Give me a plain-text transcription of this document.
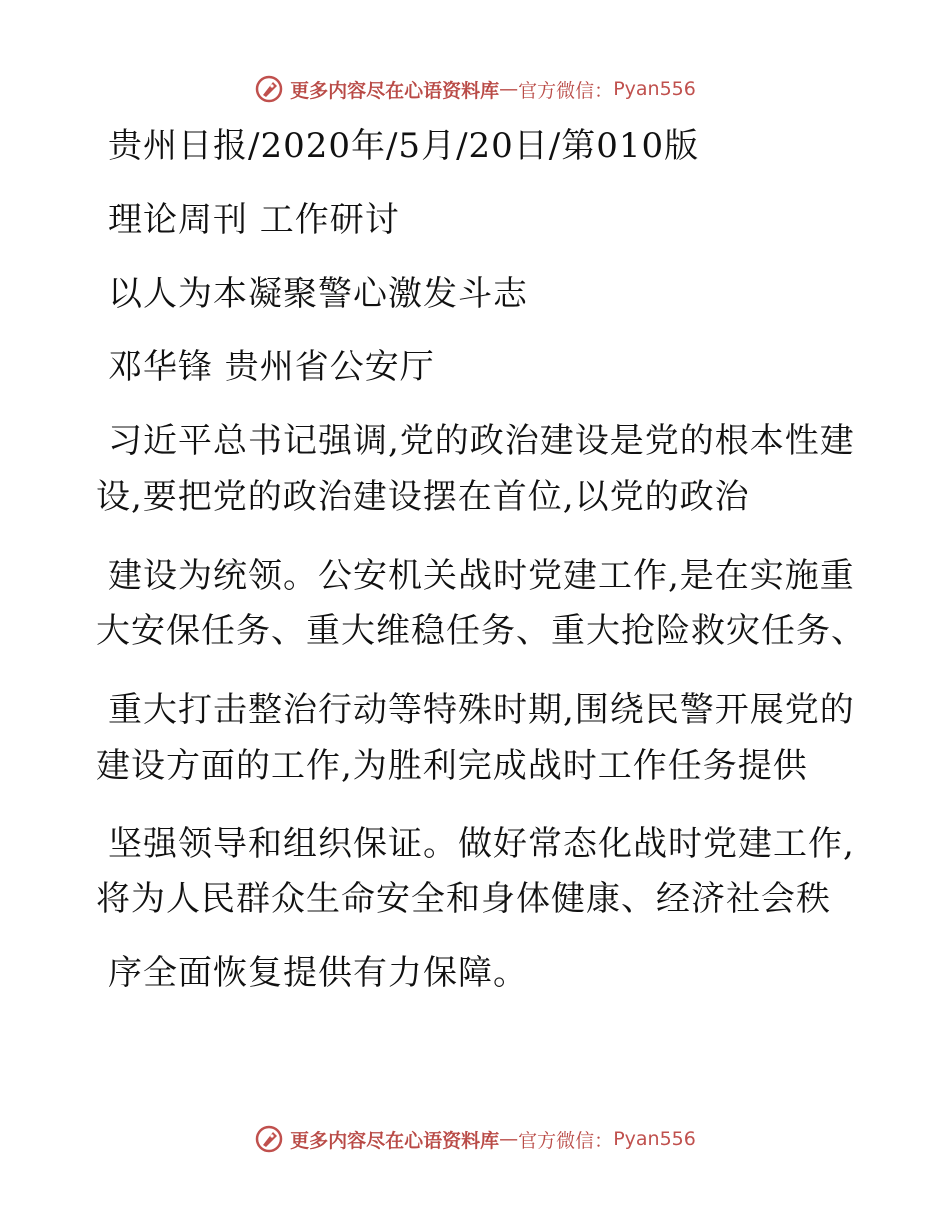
更多内容尽在心语资料库 — 官方微信： Pyan556
贵州日报/2020年/5月/20日/第010版
理论周刊 工作研讨
以人为本凝聚警心激发斗志
邓华锋 贵州省公安厅
习近平总书记强调,党的政治建设是党的根本性建
设,要把党的政治建设摆在首位,以党的政治
建设为统领。公安机关战时党建工作,是在实施重
大安保任务、重大维稳任务、重大抢险救灾任务、
重大打击整治行动等特殊时期,围绕民警开展党的
建设方面的工作,为胜利完成战时工作任务提供
坚强领导和组织保证。做好常态化战时党建工作,
将为人民群众生命安全和身体健康、经济社会秩
序全面恢复提供有力保障。
更多内容尽在心语资料库 — 官方微信： Pyan556
